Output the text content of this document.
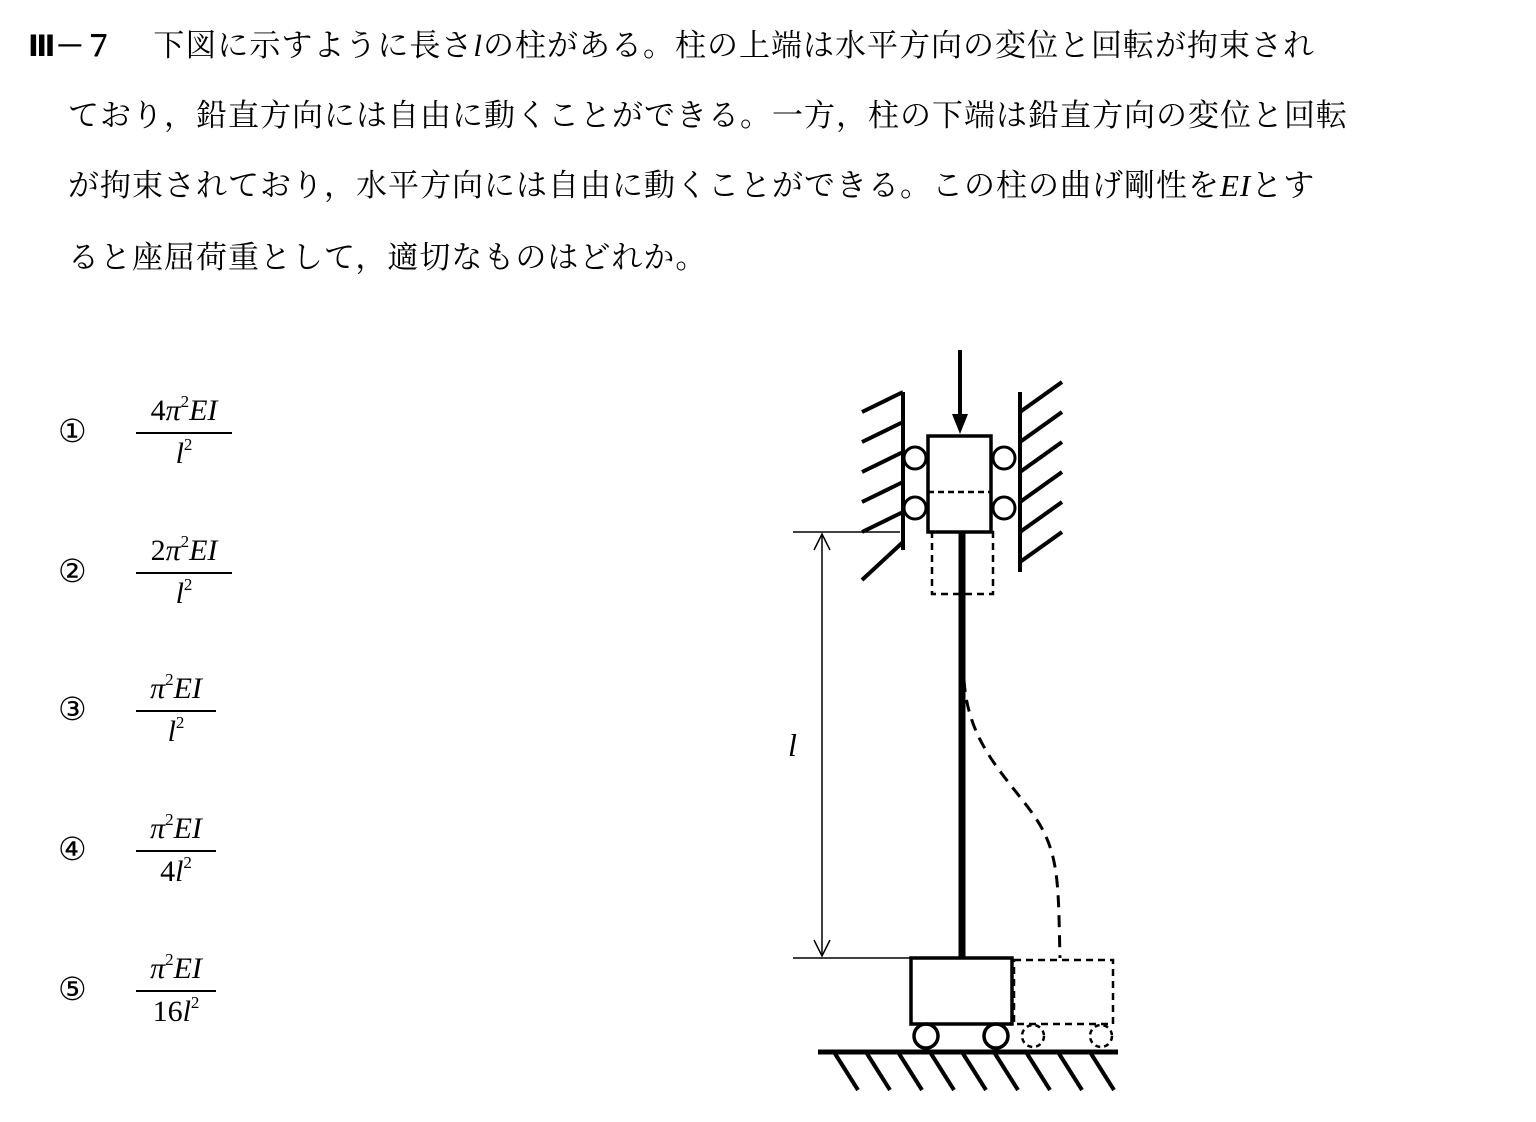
Ⅲ－７ 下図に示すように長さlの柱がある。柱の上端は水平方向の変位と回転が拘束され
ており，鉛直方向には自由に動くことができる。一方，柱の下端は鉛直方向の変位と回転
が拘束されており，水平方向には自由に動くことができる。この柱の曲げ剛性をEIとす
ると座屈荷重として，適切なものはどれか。
①
$4\pi^2EI$
$l^2$
②
$2\pi^2EI$
$l^2$
③
$\pi^2EI$
$l^2$
④
$\pi^2EI$
$4l^2$
⑤
$\pi^2EI$
$16l^2$
l
